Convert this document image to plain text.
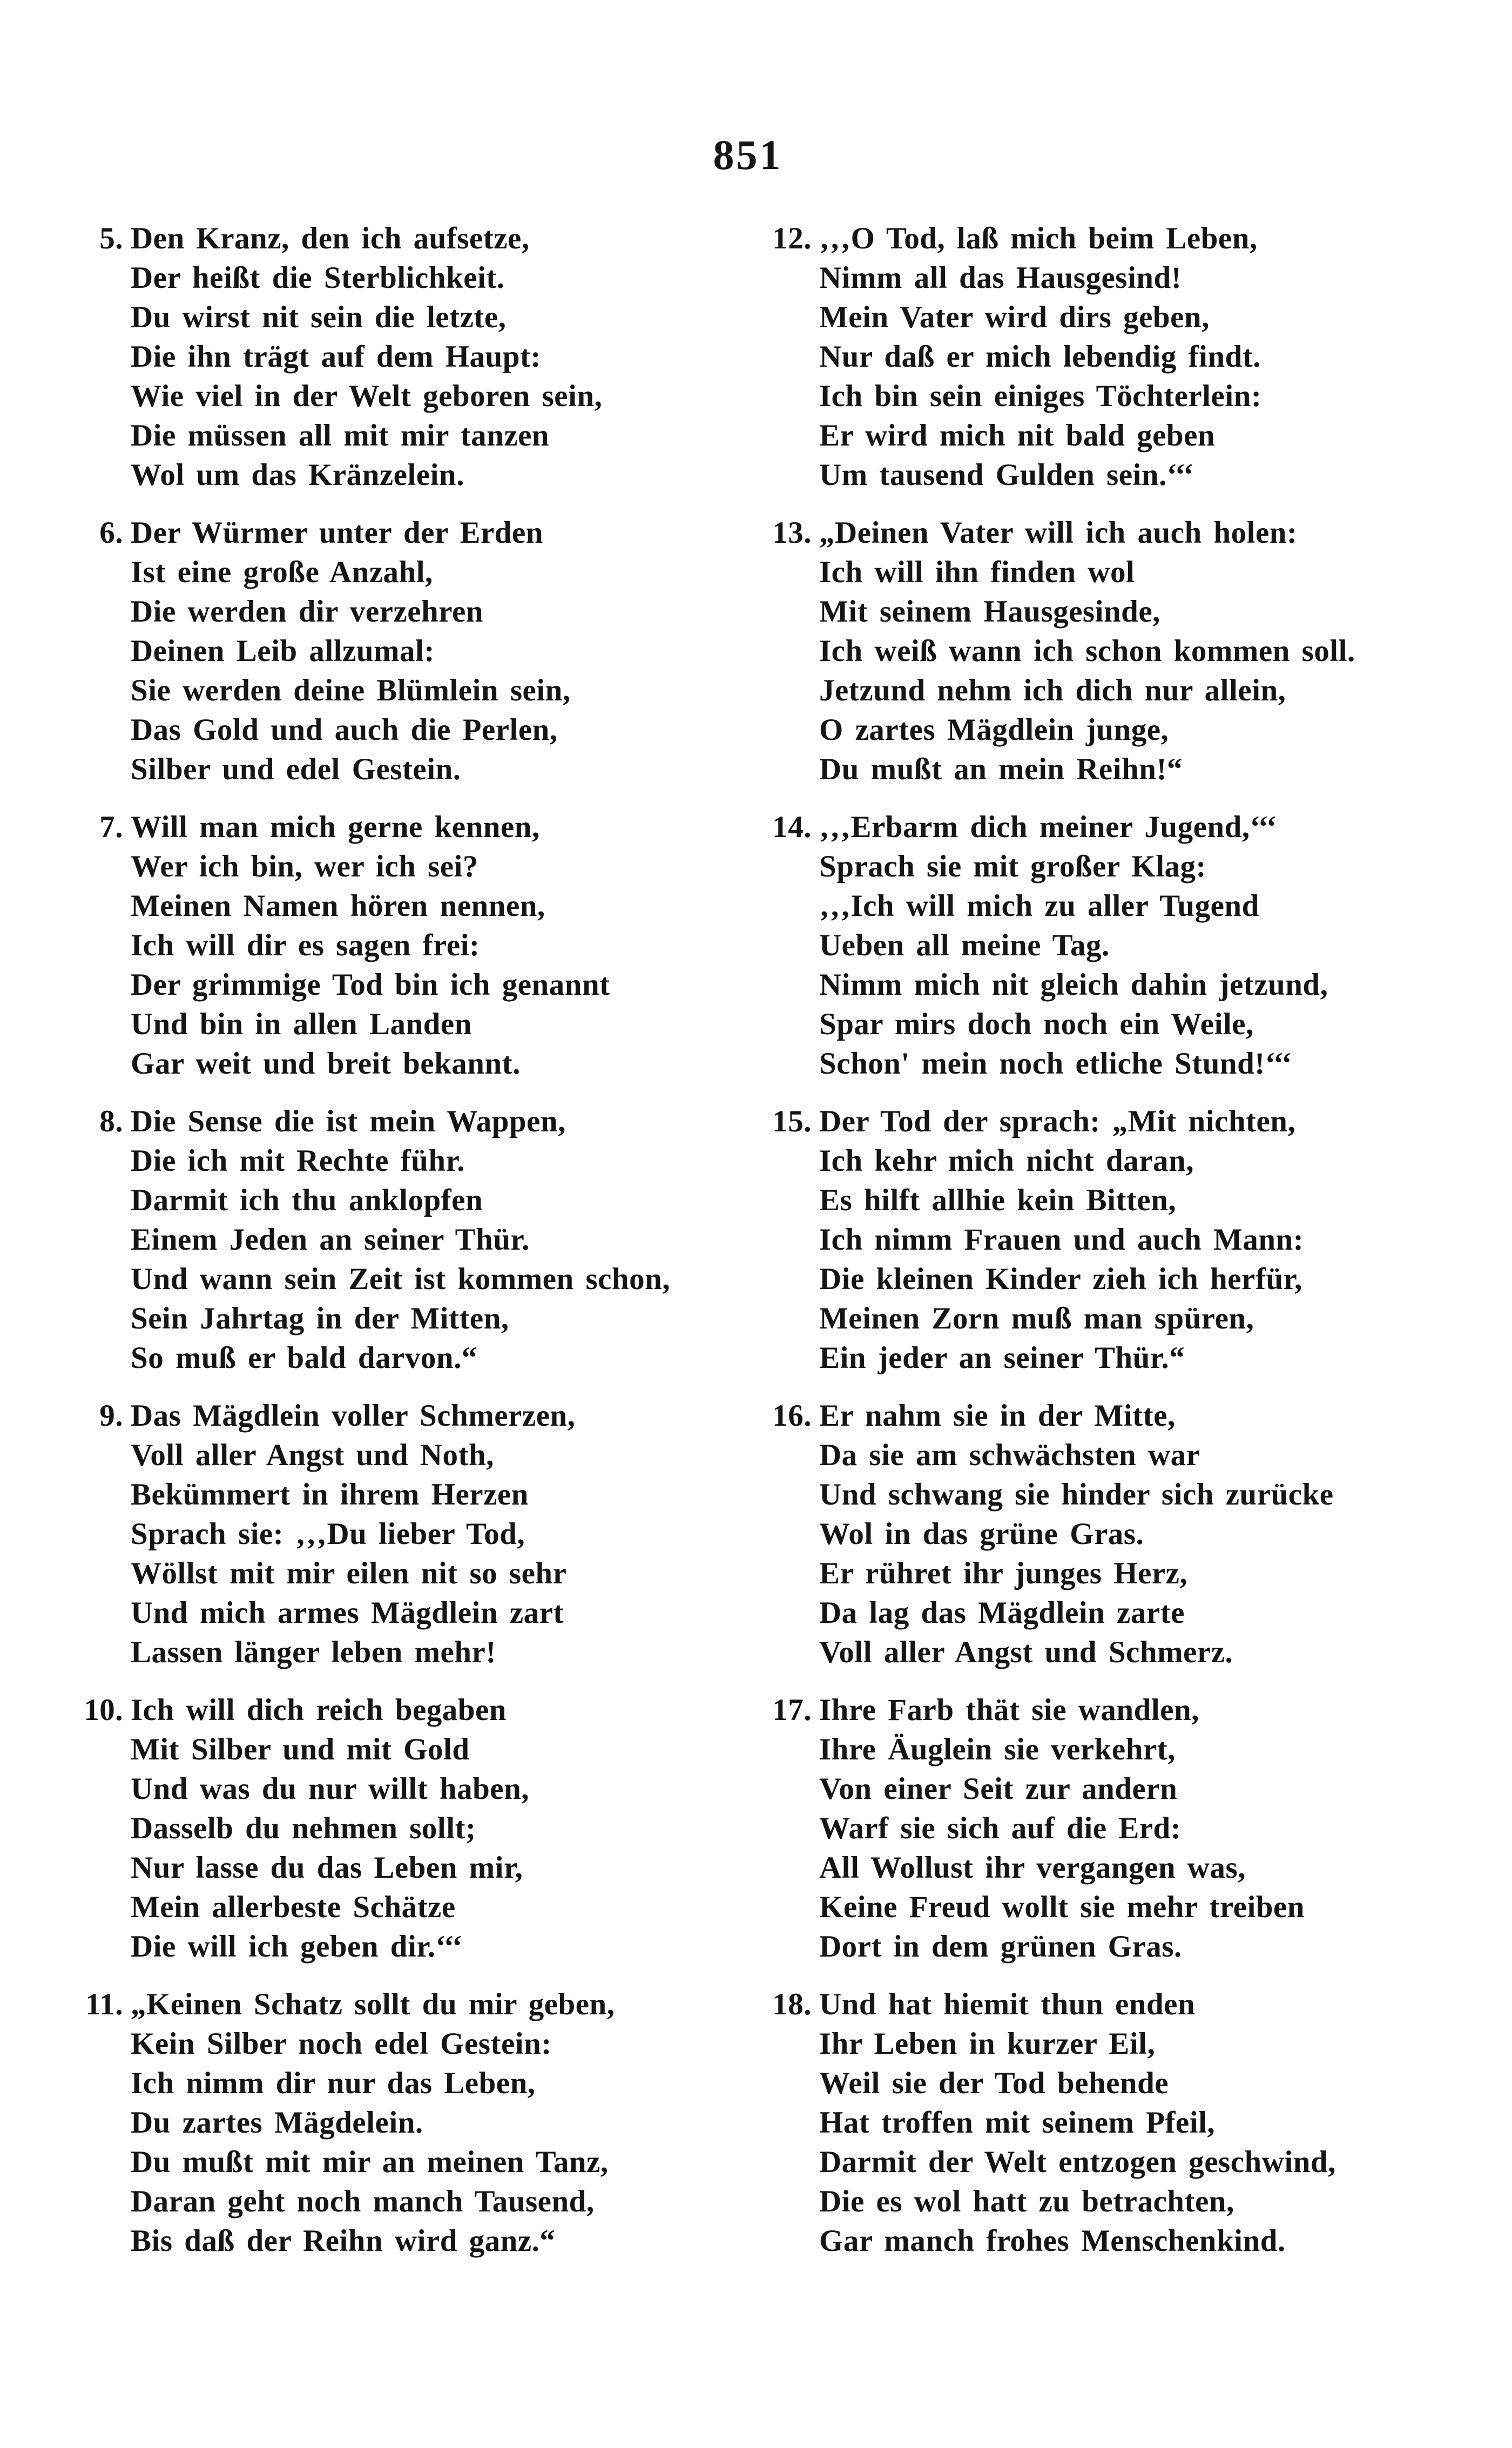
851
5. Den Kranz, den ich aufsetze,
Der heißt die Sterblichkeit.
Du wirst nit sein die letzte,
Die ihn trägt auf dem Haupt:
Wie viel in der Welt geboren sein,
Die müssen all mit mir tanzen
Wol um das Kränzelein.
6. Der Würmer unter der Erden
Ist eine große Anzahl,
Die werden dir verzehren
Deinen Leib allzumal:
Sie werden deine Blümlein sein,
Das Gold und auch die Perlen,
Silber und edel Gestein.
7. Will man mich gerne kennen,
Wer ich bin, wer ich sei?
Meinen Namen hören nennen,
Ich will dir es sagen frei:
Der grimmige Tod bin ich genannt
Und bin in allen Landen
Gar weit und breit bekannt.
8. Die Sense die ist mein Wappen,
Die ich mit Rechte führ.
Darmit ich thu anklopfen
Einem Jeden an seiner Thür.
Und wann sein Zeit ist kommen schon,
Sein Jahrtag in der Mitten,
So muß er bald darvon.“
9. Das Mägdlein voller Schmerzen,
Voll aller Angst und Noth,
Bekümmert in ihrem Herzen
Sprach sie: ‚‚‚Du lieber Tod,
Wöllst mit mir eilen nit so sehr
Und mich armes Mägdlein zart
Lassen länger leben mehr!
10. Ich will dich reich begaben
Mit Silber und mit Gold
Und was du nur willt haben,
Dasselb du nehmen sollt;
Nur lasse du das Leben mir,
Mein allerbeste Schätze
Die will ich geben dir.‘‘‘
11. „Keinen Schatz sollt du mir geben,
Kein Silber noch edel Gestein:
Ich nimm dir nur das Leben,
Du zartes Mägdelein.
Du mußt mit mir an meinen Tanz,
Daran geht noch manch Tausend,
Bis daß der Reihn wird ganz.“
12. ‚‚‚O Tod, laß mich beim Leben,
Nimm all das Hausgesind!
Mein Vater wird dirs geben,
Nur daß er mich lebendig findt.
Ich bin sein einiges Töchterlein:
Er wird mich nit bald geben
Um tausend Gulden sein.‘‘‘
13. „Deinen Vater will ich auch holen:
Ich will ihn finden wol
Mit seinem Hausgesinde,
Ich weiß wann ich schon kommen soll.
Jetzund nehm ich dich nur allein,
O zartes Mägdlein junge,
Du mußt an mein Reihn!“
14. ‚‚‚Erbarm dich meiner Jugend,‘‘‘
Sprach sie mit großer Klag:
‚‚‚Ich will mich zu aller Tugend
Ueben all meine Tag.
Nimm mich nit gleich dahin jetzund,
Spar mirs doch noch ein Weile,
Schon' mein noch etliche Stund!‘‘‘
15. Der Tod der sprach: „Mit nichten,
Ich kehr mich nicht daran,
Es hilft allhie kein Bitten,
Ich nimm Frauen und auch Mann:
Die kleinen Kinder zieh ich herfür,
Meinen Zorn muß man spüren,
Ein jeder an seiner Thür.“
16. Er nahm sie in der Mitte,
Da sie am schwächsten war
Und schwang sie hinder sich zurücke
Wol in das grüne Gras.
Er rühret ihr junges Herz,
Da lag das Mägdlein zarte
Voll aller Angst und Schmerz.
17. Ihre Farb thät sie wandlen,
Ihre Äuglein sie verkehrt,
Von einer Seit zur andern
Warf sie sich auf die Erd:
All Wollust ihr vergangen was,
Keine Freud wollt sie mehr treiben
Dort in dem grünen Gras.
18. Und hat hiemit thun enden
Ihr Leben in kurzer Eil,
Weil sie der Tod behende
Hat troffen mit seinem Pfeil,
Darmit der Welt entzogen geschwind,
Die es wol hatt zu betrachten,
Gar manch frohes Menschenkind.
